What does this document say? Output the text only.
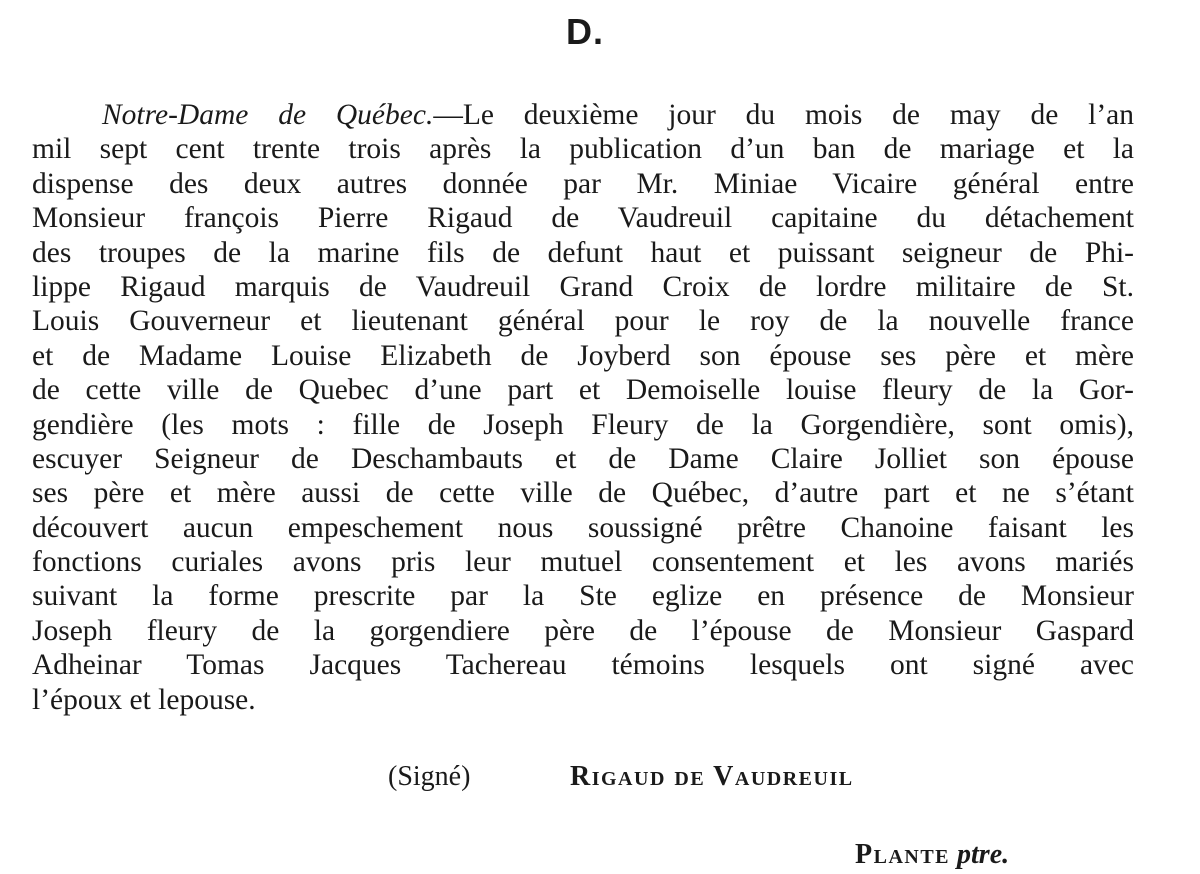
D.
Notre-Dame de Québec.—Le deuxième jour du mois de may de l’an
mil sept cent trente trois après la publication d’un ban de mariage et la
dispense des deux autres donnée par Mr. Miniae Vicaire général entre
Monsieur françois Pierre Rigaud de Vaudreuil capitaine du détachement
des troupes de la marine fils de defunt haut et puissant seigneur de Phi-
lippe Rigaud marquis de Vaudreuil Grand Croix de lordre militaire de St.
Louis Gouverneur et lieutenant général pour le roy de la nouvelle france
et de Madame Louise Elizabeth de Joyberd son épouse ses père et mère
de cette ville de Quebec d’une part et Demoiselle louise fleury de la Gor-
gendière (les mots : fille de Joseph Fleury de la Gorgendière, sont omis),
escuyer Seigneur de Deschambauts et de Dame Claire Jolliet son épouse
ses père et mère aussi de cette ville de Québec, d’autre part et ne s’étant
découvert aucun empeschement nous soussigné prêtre Chanoine faisant les
fonctions curiales avons pris leur mutuel consentement et les avons mariés
suivant la forme prescrite par la Ste eglize en présence de Monsieur
Joseph fleury de la gorgendiere père de l’épouse de Monsieur Gaspard
Adheinar Tomas Jacques Tachereau témoins lesquels ont signé avec
l’époux et lepouse.
(Signé)	Rigaud de Vaudreuil
Plante ptre.
